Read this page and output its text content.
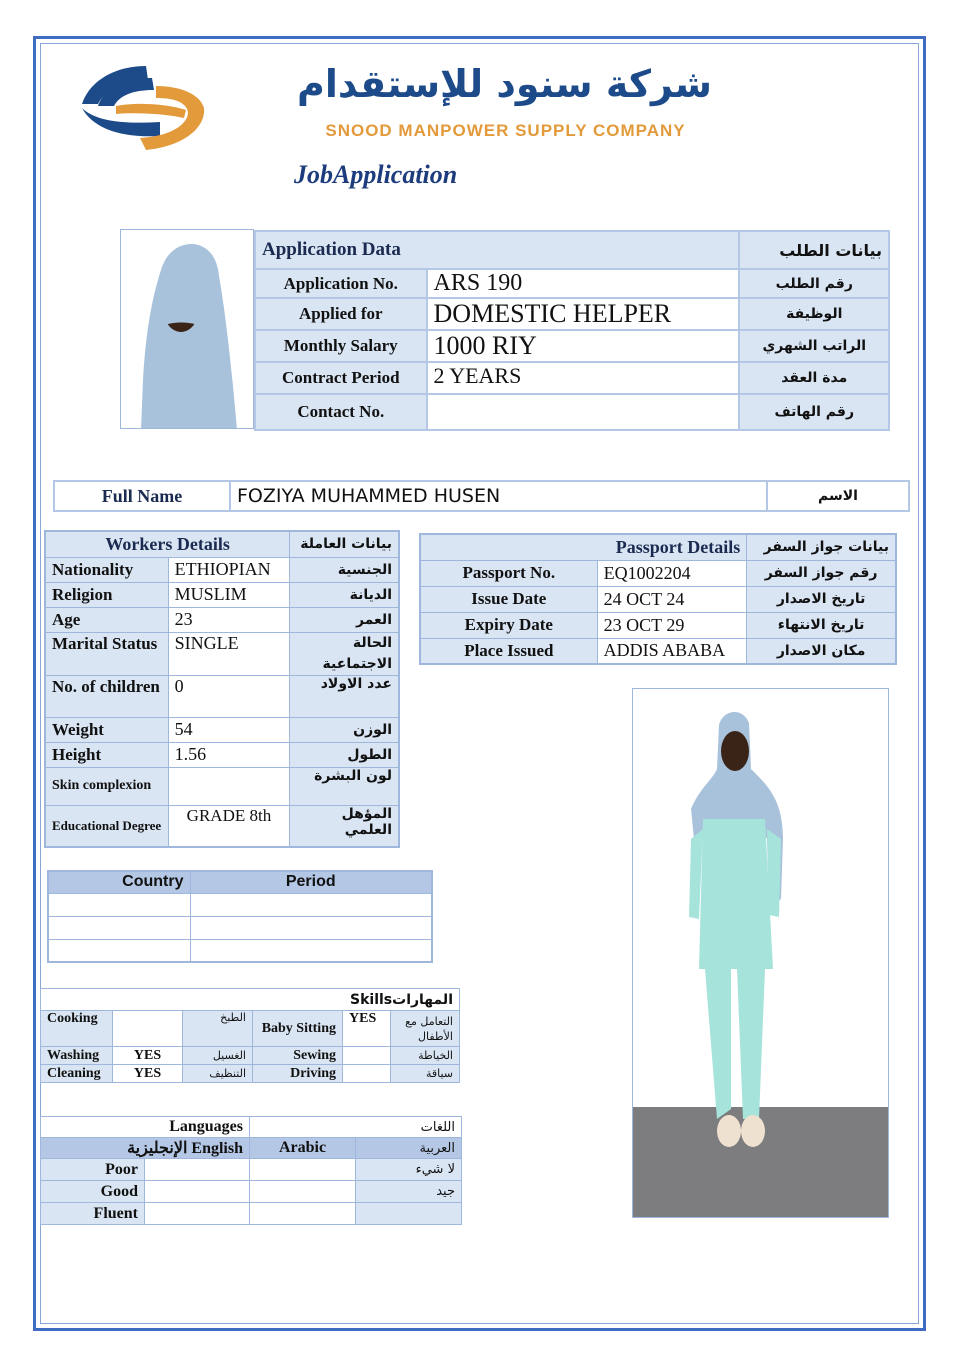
شركة سنود للإستقدام
SNOOD MANPOWER SUPPLY COMPANY
JobApplication
Application Data		بيانات الطلب
Application No.	ARS 190	رقم الطلب
Applied for	DOMESTIC HELPER	الوظيفة
Monthly Salary	1000 RIY	الراتب الشهري
Contract Period	2 YEARS	مدة العقد
Contact No.		رقم الهاتف
Full Name	FOZIYA MUHAMMED HUSEN	الاسم
Workers Details		بيانات العاملة
Nationality	ETHIOPIAN	الجنسية
Religion	MUSLIM	الديانة
Age	23	العمر
Marital Status	SINGLE	الحالة الاجتماعية
No. of children	0	عدد الاولاد
Weight	54	الوزن
Height	1.56	الطول
Skin complexion		لون البشرة
Educational Degree	GRADE 8th	المؤهل العلمي
Passport Details		بيانات جواز السفر
Passport No.	EQ1002204	رقم جواز السفر
Issue Date	24 OCT 24	تاريخ الاصدار
Expiry Date	23 OCT 29	تاريخ الانتهاء
Place Issued	ADDIS ABABA	مكان الاصدار
Country	Period

المهاراتSkills					
Cooking		الطبخ	Baby Sitting	YES	التعامل مع الأطفال
Washing	YES	الغسيل	Sewing		الخياطة
Cleaning	YES	التنظيف	Driving		سياقة
Languages		اللغات	
الإنجليزية English		Arabic	العربية
Poor			لا شيء
Good			جيد
Fluent			
